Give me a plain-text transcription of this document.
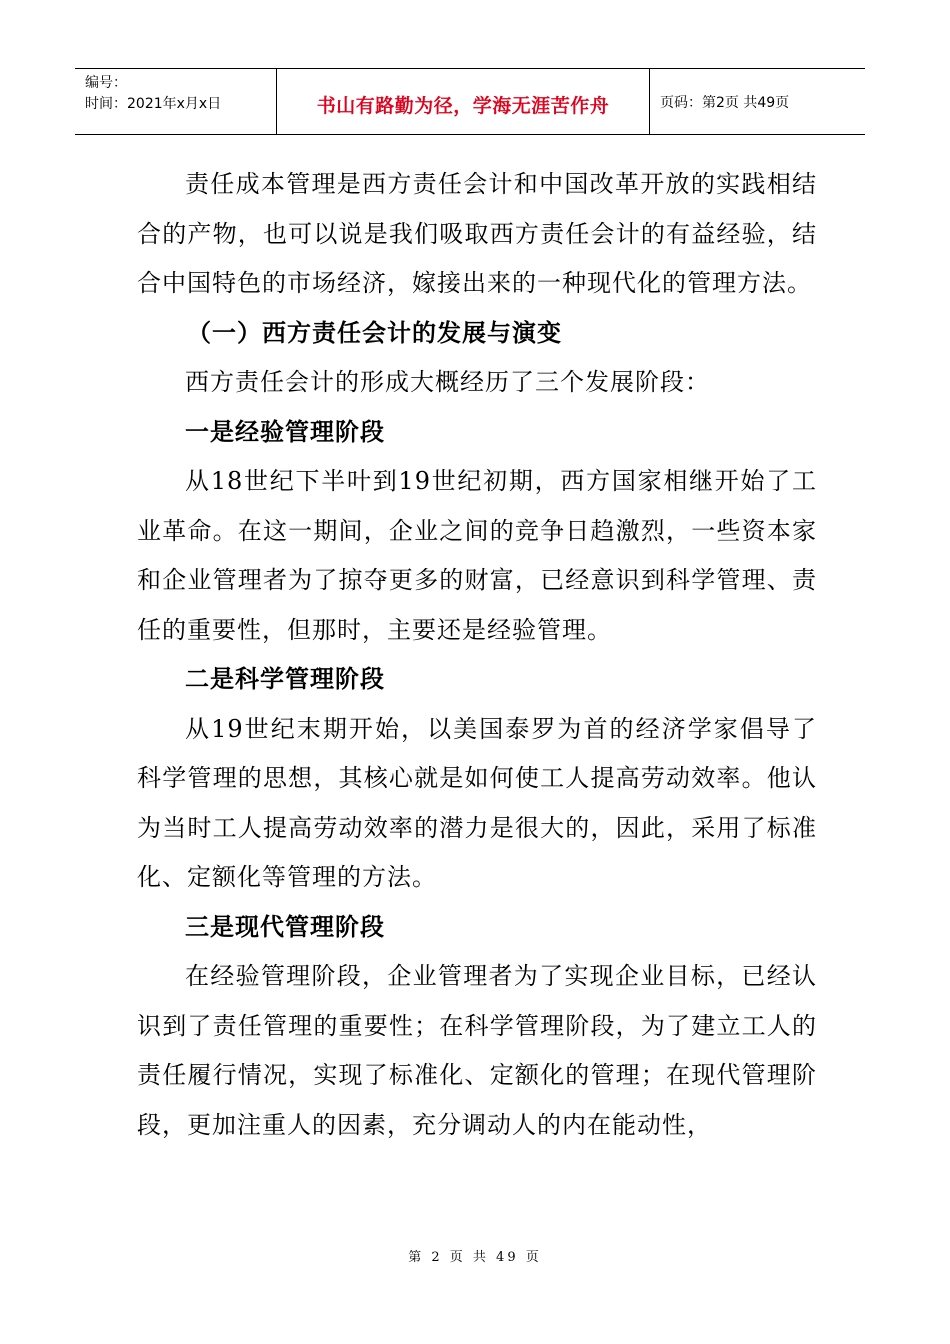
编号：
时间：2021年x月x日	书山有路勤为径，学海无涯苦作舟	页码：第2页 共49页

责任成本管理是西方责任会计和中国改革开放的实践相结合的产物，也可以说是我们吸取西方责任会计的有益经验，结合中国特色的市场经济，嫁接出来的一种现代化的管理方法。

（一）西方责任会计的发展与演变

西方责任会计的形成大概经历了三个发展阶段：

一是经验管理阶段

从18世纪下半叶到19世纪初期，西方国家相继开始了工业革命。在这一期间，企业之间的竞争日趋激烈，一些资本家和企业管理者为了掠夺更多的财富，已经意识到科学管理、责任的重要性，但那时，主要还是经验管理。

二是科学管理阶段

从19世纪末期开始，以美国泰罗为首的经济学家倡导了科学管理的思想，其核心就是如何使工人提高劳动效率。他认为当时工人提高劳动效率的潜力是很大的，因此，采用了标准化、定额化等管理的方法。

三是现代管理阶段

在经验管理阶段，企业管理者为了实现企业目标，已经认识到了责任管理的重要性；在科学管理阶段，为了建立工人的责任履行情况，实现了标准化、定额化的管理；在现代管理阶段，更加注重人的因素，充分调动人的内在能动性，

第 2 页 共 49 页
